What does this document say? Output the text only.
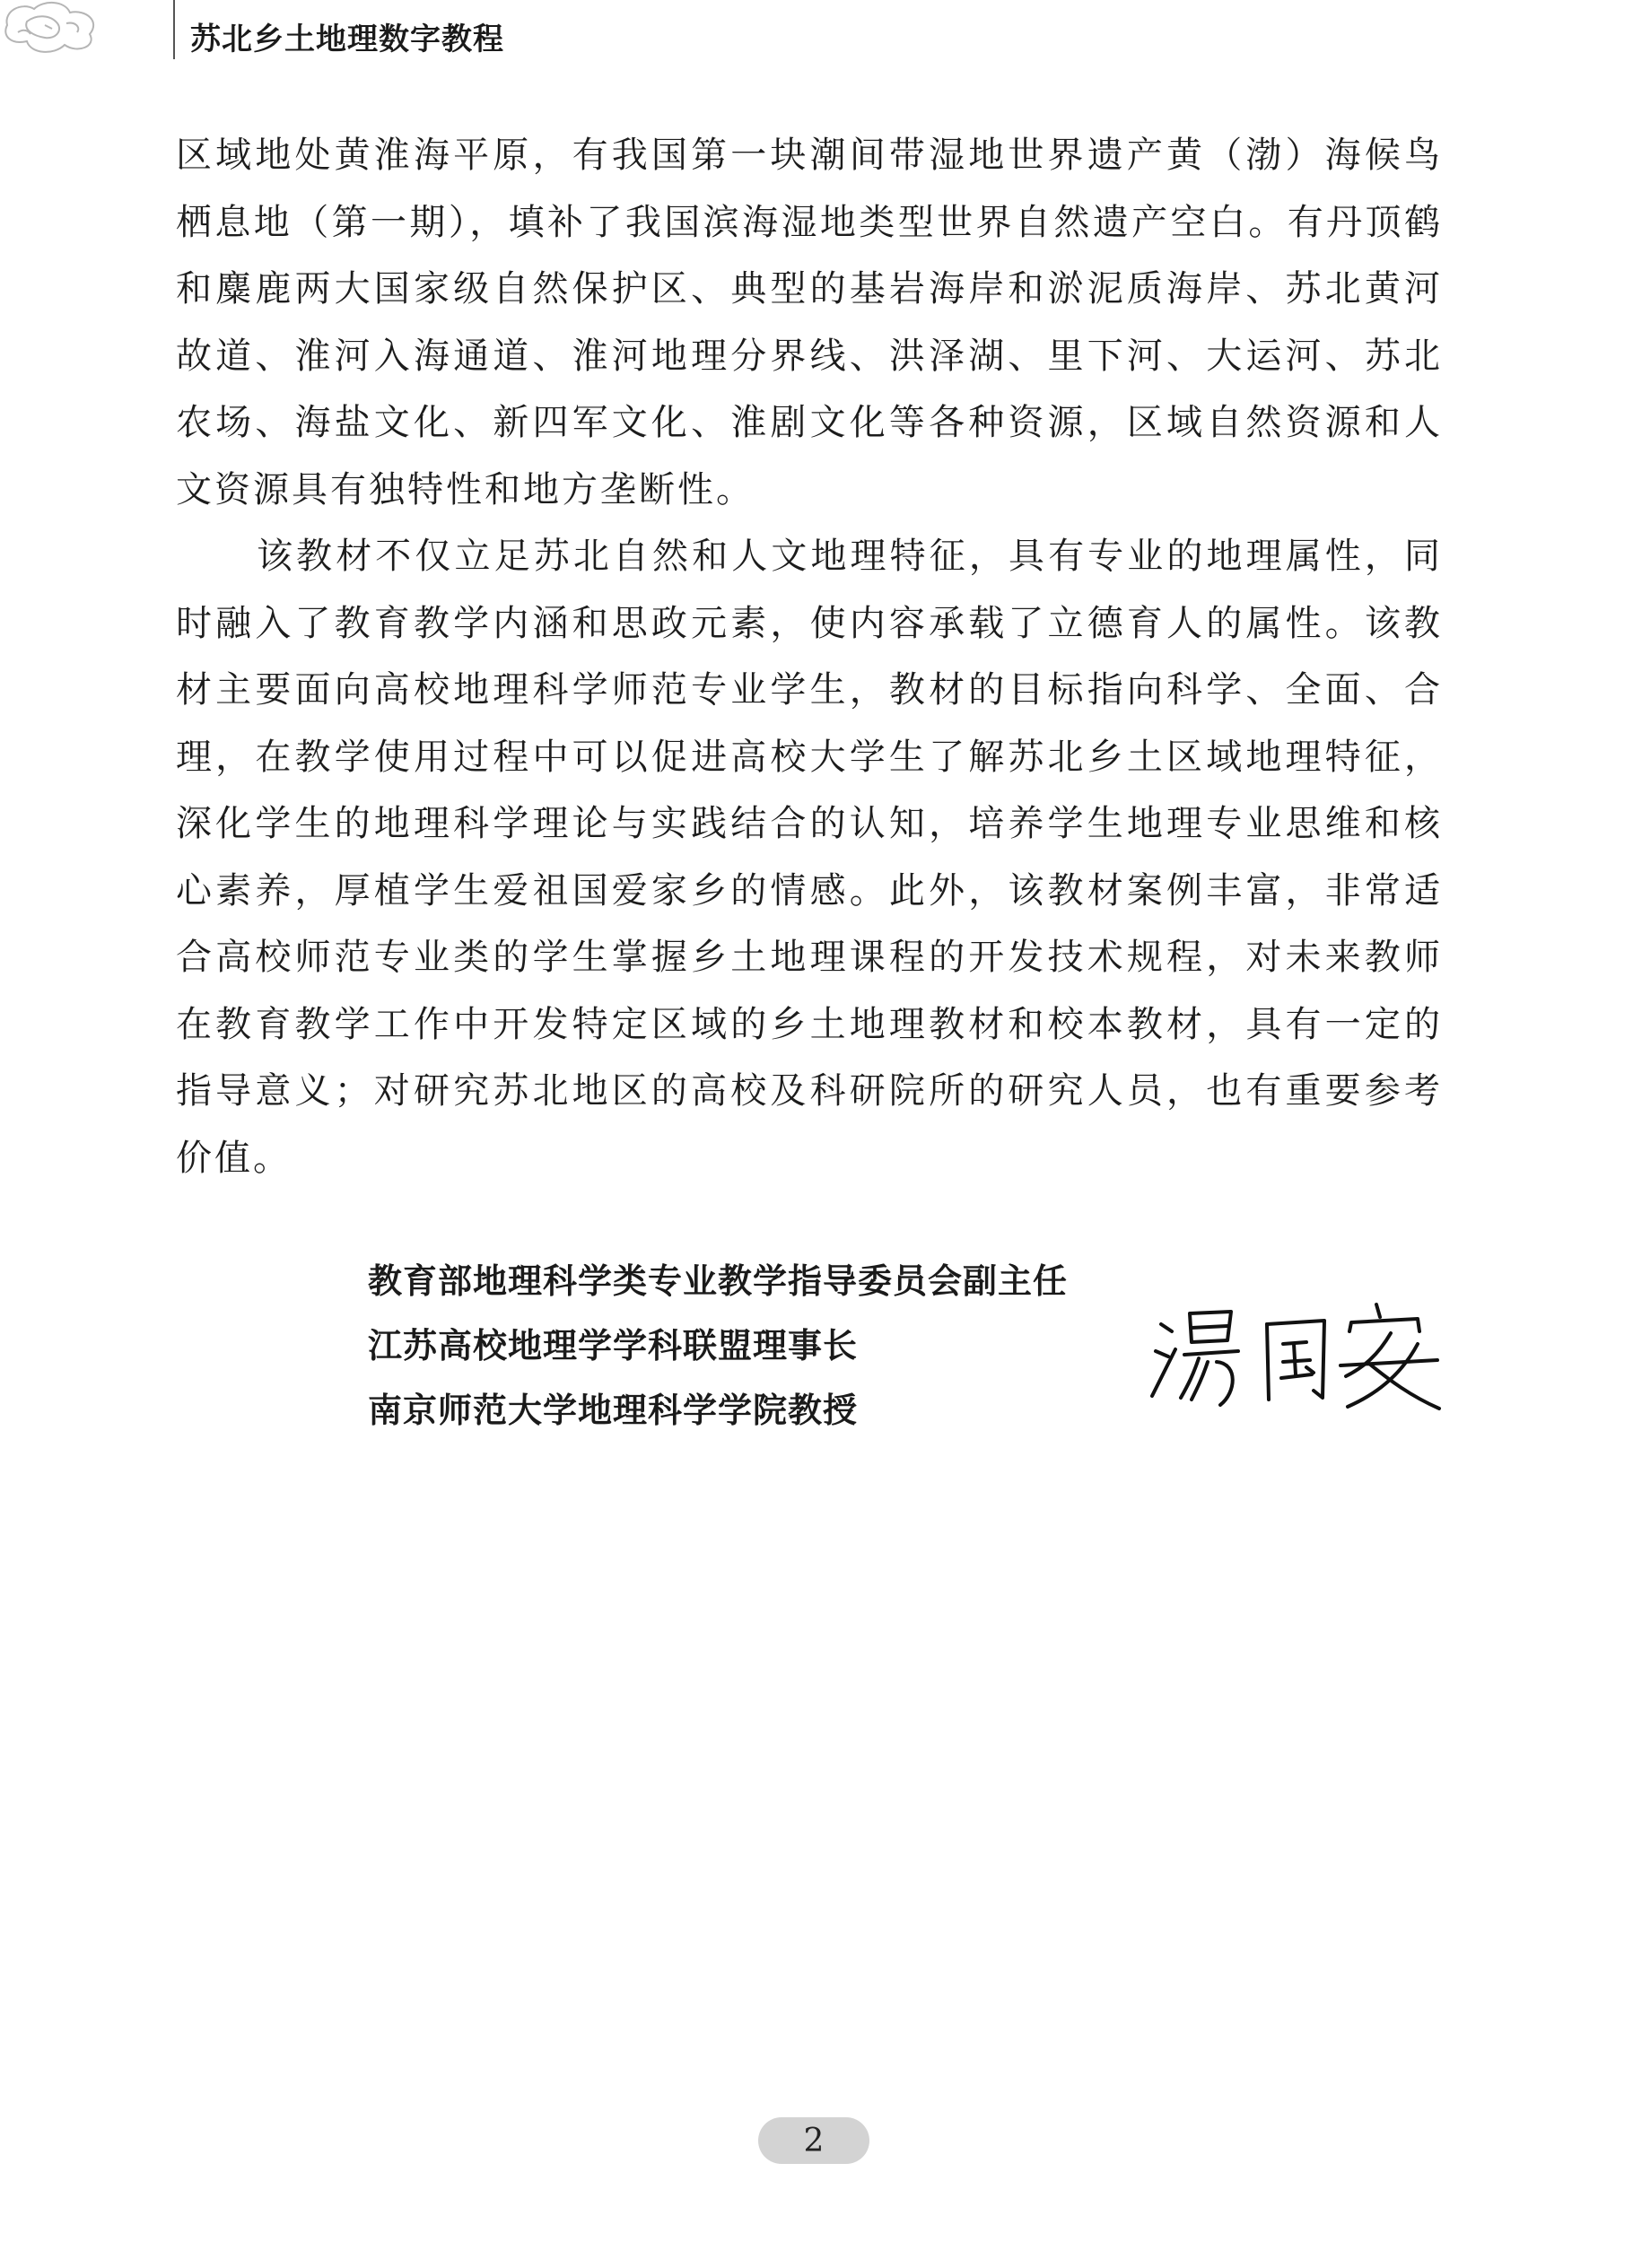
苏北乡土地理数字教程

区域地处黄淮海平原，有我国第一块潮间带湿地世界遗产黄（渤）海候鸟栖息地（第一期），填补了我国滨海湿地类型世界自然遗产空白。有丹顶鹤和麋鹿两大国家级自然保护区、典型的基岩海岸和淤泥质海岸、苏北黄河故道、淮河入海通道、淮河地理分界线、洪泽湖、里下河、大运河、苏北农场、海盐文化、新四军文化、淮剧文化等各种资源，区域自然资源和人文资源具有独特性和地方垄断性。

该教材不仅立足苏北自然和人文地理特征，具有专业的地理属性，同时融入了教育教学内涵和思政元素，使内容承载了立德育人的属性。该教材主要面向高校地理科学师范专业学生，教材的目标指向科学、全面、合理，在教学使用过程中可以促进高校大学生了解苏北乡土区域地理特征，深化学生的地理科学理论与实践结合的认知，培养学生地理专业思维和核心素养，厚植学生爱祖国爱家乡的情感。此外，该教材案例丰富，非常适合高校师范专业类的学生掌握乡土地理课程的开发技术规程，对未来教师在教育教学工作中开发特定区域的乡土地理教材和校本教材，具有一定的指导意义；对研究苏北地区的高校及科研院所的研究人员，也有重要参考价值。

教育部地理科学类专业教学指导委员会副主任
江苏高校地理学学科联盟理事长
南京师范大学地理科学学院教授
2
